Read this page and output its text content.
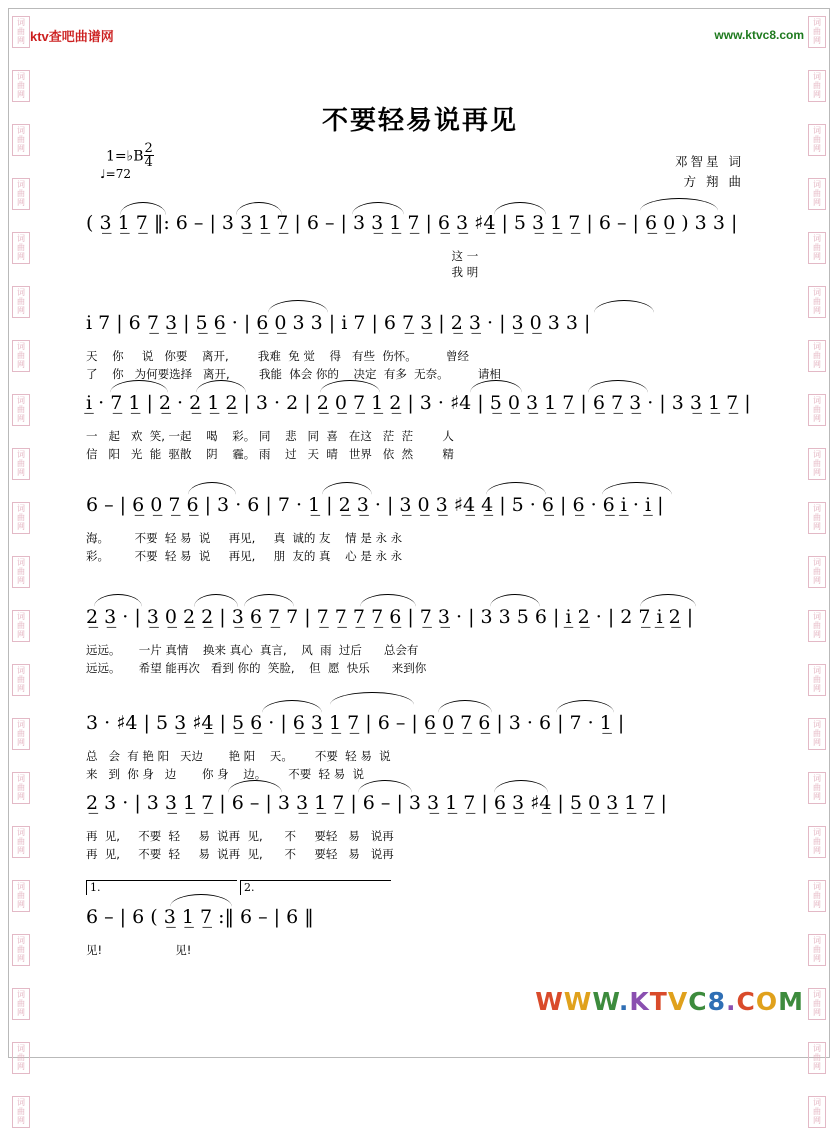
词
曲
网
词
曲
网
词
曲
网
词
曲
网
词
曲
网
词
曲
网
词
曲
网
词
曲
网
词
曲
网
词
曲
网
词
曲
网
词
曲
网
词
曲
网
词
曲
网
词
曲
网
词
曲
网
词
曲
网
词
曲
网
词
曲
网
词
曲
网
词
曲
网
词
曲
网
词
曲
网
词
曲
网
词
曲
网
词
曲
网
词
曲
网
词
曲
网
词
曲
网
词
曲
网
词
曲
网
词
曲
网
词
曲
网
词
曲
网
词
曲
网
词
曲
网
词
曲
网
词
曲
网
词
曲
网
词
曲
网
词
曲
网
词
曲
网
ktv查吧曲谱网	www.ktvc8.com
不要轻易说再见
1=♭B $\frac{2}{4}$
♩=72
邓智星 词
方 翔 曲
( 3̲ 1̲ 7̲ ‖: 6 – | 3 3̲ 1̲ 7̲ | 6 – | 3 3̲ 1̲ 7̲ | 6̲ 3̲ ♯4̲ | 5 3̲ 1̲ 7̲ | 6 – | 6̲ 0̲ ) 3 3 |
这 一
我 明
i 7 | 6 7̲ 3̲ | 5̲ 6̲ · | 6̲ 0̲ 3 3 | i 7 | 6 7̲ 3̲ | 2̲ 3̲ · | 3̲ 0̲ 3 3 |
天    你     说   你要    离开,        我难  免 觉    得   有些  伤怀。        曾经
了    你   为何要选择   离开,        我能  体会 你的    决定  有多  无奈。        请相
i̲ · 7̲ 1̲ | 2̲ · 2̲ 1̲ 2̲ | 3 · 2 | 2̲ 0̲ 7̲ 1̲ 2̲ | 3 · ♯4 | 5̲ 0̲ 3̲ 1̲ 7̲ | 6̲ 7̲ 3̲ · | 3 3̲ 1̲ 7̲ |
一   起   欢  笑, 一起    喝    彩。 同    悲   同  喜   在这   茫  茫        人
信   阳   光  能  驱散    阴    霾。 雨    过   天  晴   世界   依  然        精
6 – | 6̲ 0̲ 7̲ 6̲ | 3 · 6 | 7 · 1̲ | 2̲ 3̲ · | 3̲ 0̲ 3̲ ♯4̲ 4̲ | 5 · 6̲ | 6̲ · 6̲ i̲ · i̲ |
海。       不要  轻 易  说     再见,     真  诚的 友    情 是 永 永
彩。       不要  轻 易  说     再见,     朋  友的 真    心 是 永 永
2̲ 3̲ · | 3̲ 0̲ 2̲ 2̲ | 3̲ 6̲ 7̲ 7 | 7̲ 7̲ 7̲ 7̲ 6̲ | 7̲ 3̲ · | 3 3 5 6 | i̲ 2̲ · | 2 7̲ i̲ 2̲ |
远远。     一片 真情    换来 真心  真言,    风  雨  过后      总会有
远远。     希望 能再次   看到 你的  笑脸,    但  愿  快乐      来到你
3 · ♯4 | 5 3̲ ♯4̲ | 5̲ 6̲ · | 6̲ 3̲ 1̲ 7̲ | 6 – | 6̲ 0̲ 7̲ 6̲ | 3 · 6 | 7 · 1̲ |
总   会  有 艳 阳   天边       艳 阳    天。      不要  轻 易  说
来   到  你 身   边       你 身    边。      不要  轻 易  说
2̲ 3 · | 3 3̲ 1̲ 7̲ | 6 – | 3 3̲ 1̲ 7̲ | 6 – | 3 3̲ 1̲ 7̲ | 6̲ 3̲ ♯4̲ | 5̲ 0̲ 3̲ 1̲ 7̲ |
再  见,     不要  轻     易  说再  见,      不     要轻   易   说再
再  见,     不要  轻     易  说再  见,      不     要轻   易   说再
1.	2.
6 – | 6 ( 3̲ 1̲ 7̲ :‖ 6 – | 6 ‖
见!                    见!
WWW.KTVC8.COM
